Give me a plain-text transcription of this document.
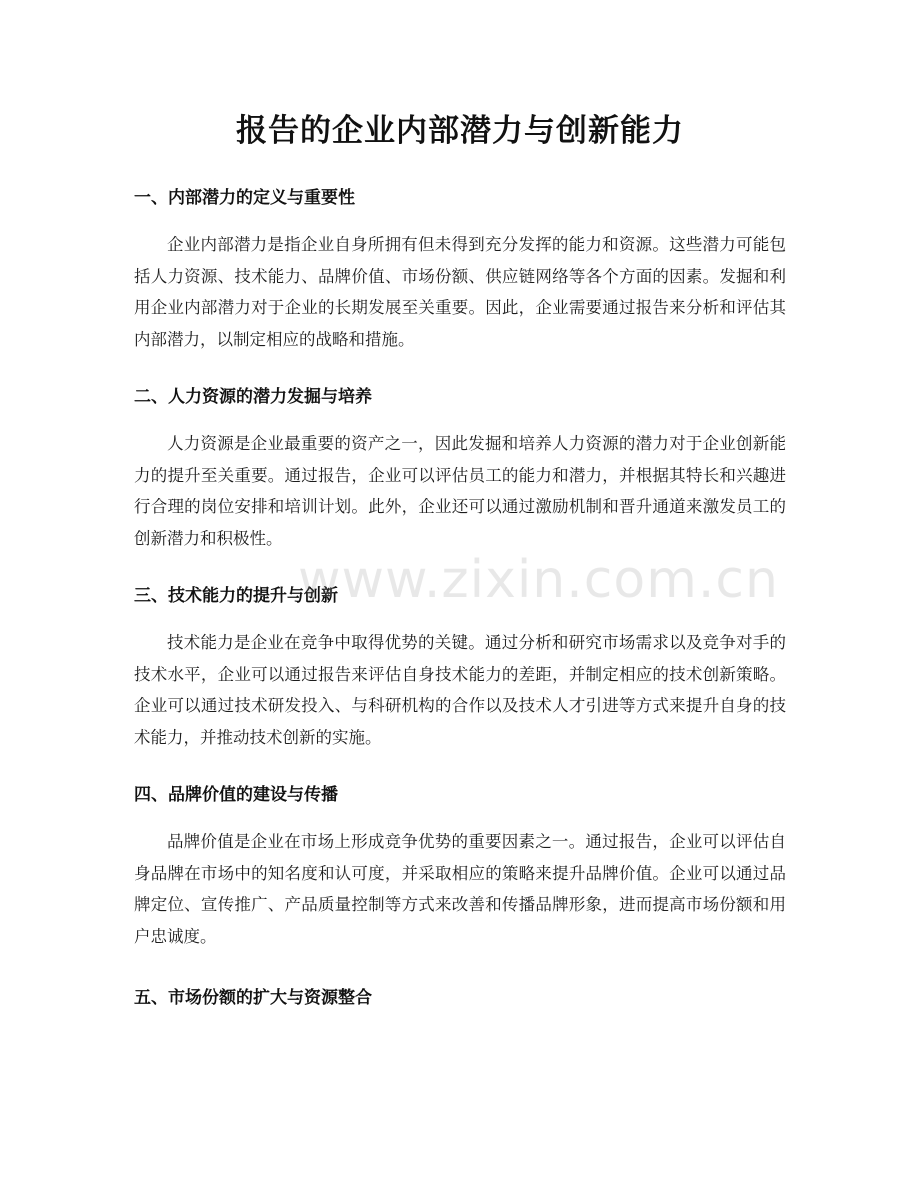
报告的企业内部潜力与创新能力
一、内部潜力的定义与重要性

企业内部潜力是指企业自身所拥有但未得到充分发挥的能力和资源。这些潜力可能包括人力资源、技术能力、品牌价值、市场份额、供应链网络等各个方面的因素。发掘和利用企业内部潜力对于企业的长期发展至关重要。因此，企业需要通过报告来分析和评估其内部潜力，以制定相应的战略和措施。

二、人力资源的潜力发掘与培养

人力资源是企业最重要的资产之一，因此发掘和培养人力资源的潜力对于企业创新能力的提升至关重要。通过报告，企业可以评估员工的能力和潜力，并根据其特长和兴趣进行合理的岗位安排和培训计划。此外，企业还可以通过激励机制和晋升通道来激发员工的创新潜力和积极性。

三、技术能力的提升与创新

技术能力是企业在竞争中取得优势的关键。通过分析和研究市场需求以及竞争对手的技术水平，企业可以通过报告来评估自身技术能力的差距，并制定相应的技术创新策略。企业可以通过技术研发投入、与科研机构的合作以及技术人才引进等方式来提升自身的技术能力，并推动技术创新的实施。

四、品牌价值的建设与传播

品牌价值是企业在市场上形成竞争优势的重要因素之一。通过报告，企业可以评估自身品牌在市场中的知名度和认可度，并采取相应的策略来提升品牌价值。企业可以通过品牌定位、宣传推广、产品质量控制等方式来改善和传播品牌形象，进而提高市场份额和用户忠诚度。

五、市场份额的扩大与资源整合
www.zixin.com.cn
